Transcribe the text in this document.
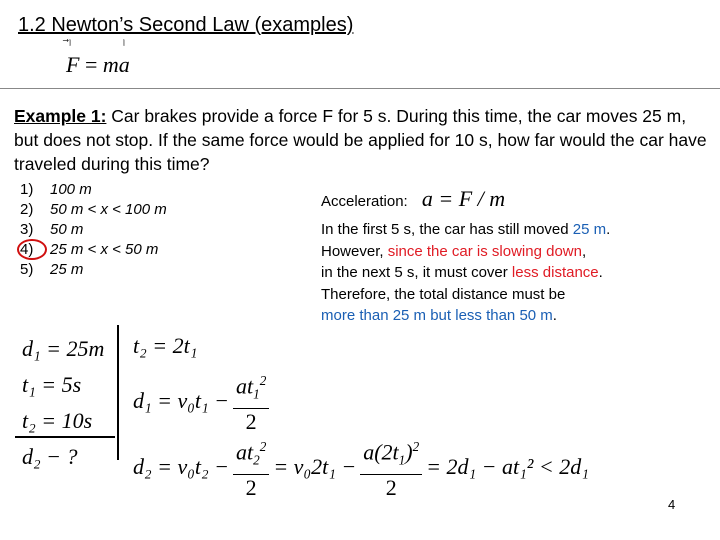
1.2 Newton’s Second Law (examples)
⃗ˡ
F =
ˡ
ma
Example 1: Car brakes provide a force F for 5 s. During this time, the car moves 25 m, but does not stop. If the same force would be applied for 10 s, how far would the car have traveled during this time?
1)	100 m
2)	50 m < x < 100 m
3)	50 m
4)	25 m < x < 50 m
5)	25 m
Acceleration: a = F / m
In the first 5 s, the car has still moved 25 m.
However, since the car is slowing down,
in the next 5 s, it must cover less distance.
Therefore, the total distance must be
more than 25 m but less than 50 m.
d₁ = 25m
t₁ = 5s
t₂ = 10s
d₂ − ?
t₂ = 2t₁
$d_1 = v_0t_1 - \frac{at_1^2}{2}$
$d_2 = v_0t_2 - \frac{at_2^2}{2} = v_02t_1 - \frac{a(2t_1)^2}{2} = 2d_1 - at_1^2 < 2d_1$
4
